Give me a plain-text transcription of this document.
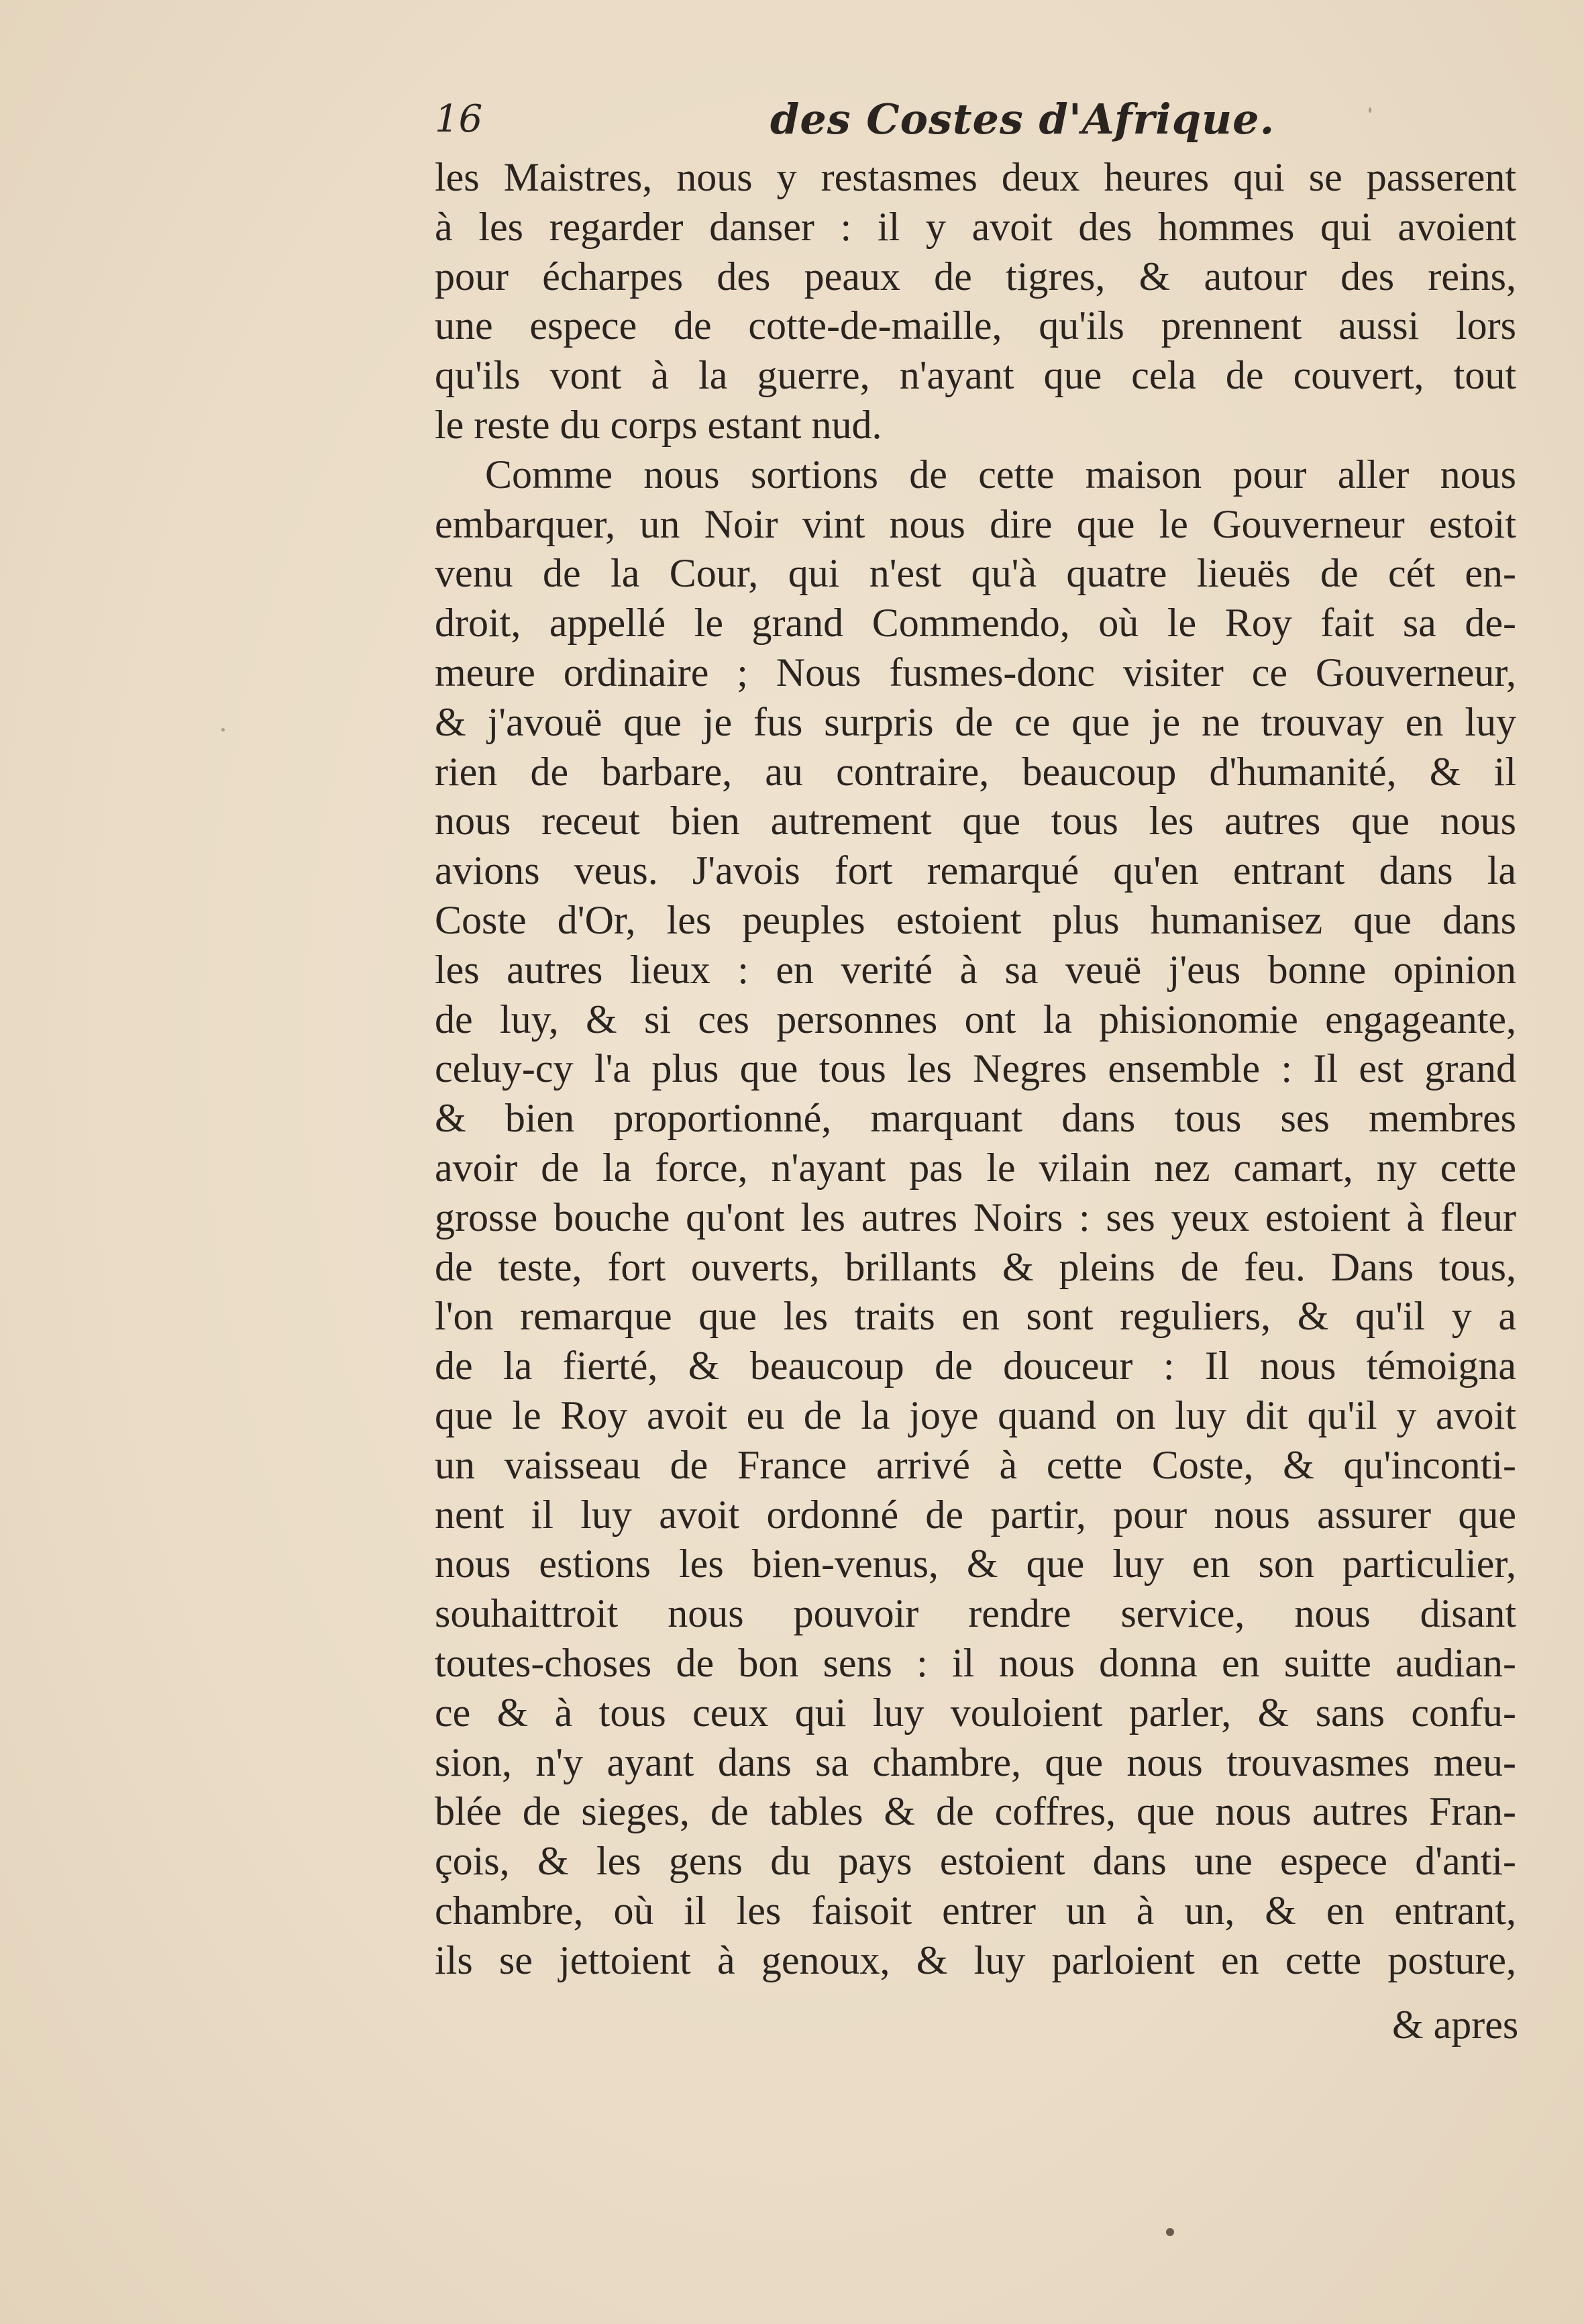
16	des Costes d'Afrique.
les Maistres, nous y restasmes deux heures qui se passerent
à les regarder danser : il y avoit des hommes qui avoient
pour écharpes des peaux de tigres, & autour des reins,
une espece de cotte-de-maille, qu'ils prennent aussi lors
qu'ils vont à la guerre, n'ayant que cela de couvert, tout
le reste du corps estant nud.
Comme nous sortions de cette maison pour aller nous
embarquer, un Noir vint nous dire que le Gouverneur estoit
venu de la Cour, qui n'est qu'à quatre lieuës de cét en-
droit, appellé le grand Commendo, où le Roy fait sa de-
meure ordinaire ; Nous fusmes-donc visiter ce Gouverneur,
& j'avouë que je fus surpris de ce que je ne trouvay en luy
rien de barbare, au contraire, beaucoup d'humanité, & il
nous receut bien autrement que tous les autres que nous
avions veus. J'avois fort remarqué qu'en entrant dans la
Coste d'Or, les peuples estoient plus humanisez que dans
les autres lieux : en verité à sa veuë j'eus bonne opinion
de luy, & si ces personnes ont la phisionomie engageante,
celuy-cy l'a plus que tous les Negres ensemble : Il est grand
& bien proportionné, marquant dans tous ses membres
avoir de la force, n'ayant pas le vilain nez camart, ny cette
grosse bouche qu'ont les autres Noirs : ses yeux estoient à fleur
de teste, fort ouverts, brillants & pleins de feu. Dans tous,
l'on remarque que les traits en sont reguliers, & qu'il y a
de la fierté, & beaucoup de douceur : Il nous témoigna
que le Roy avoit eu de la joye quand on luy dit qu'il y avoit
un vaisseau de France arrivé à cette Coste, & qu'inconti-
nent il luy avoit ordonné de partir, pour nous assurer que
nous estions les bien-venus, & que luy en son particulier,
souhaittroit nous pouvoir rendre service, nous disant
toutes-choses de bon sens : il nous donna en suitte audian-
ce & à tous ceux qui luy vouloient parler, & sans confu-
sion, n'y ayant dans sa chambre, que nous trouvasmes meu-
blée de sieges, de tables & de coffres, que nous autres Fran-
çois, & les gens du pays estoient dans une espece d'anti-
chambre, où il les faisoit entrer un à un, & en entrant,
ils se jettoient à genoux, & luy parloient en cette posture,
& apres
